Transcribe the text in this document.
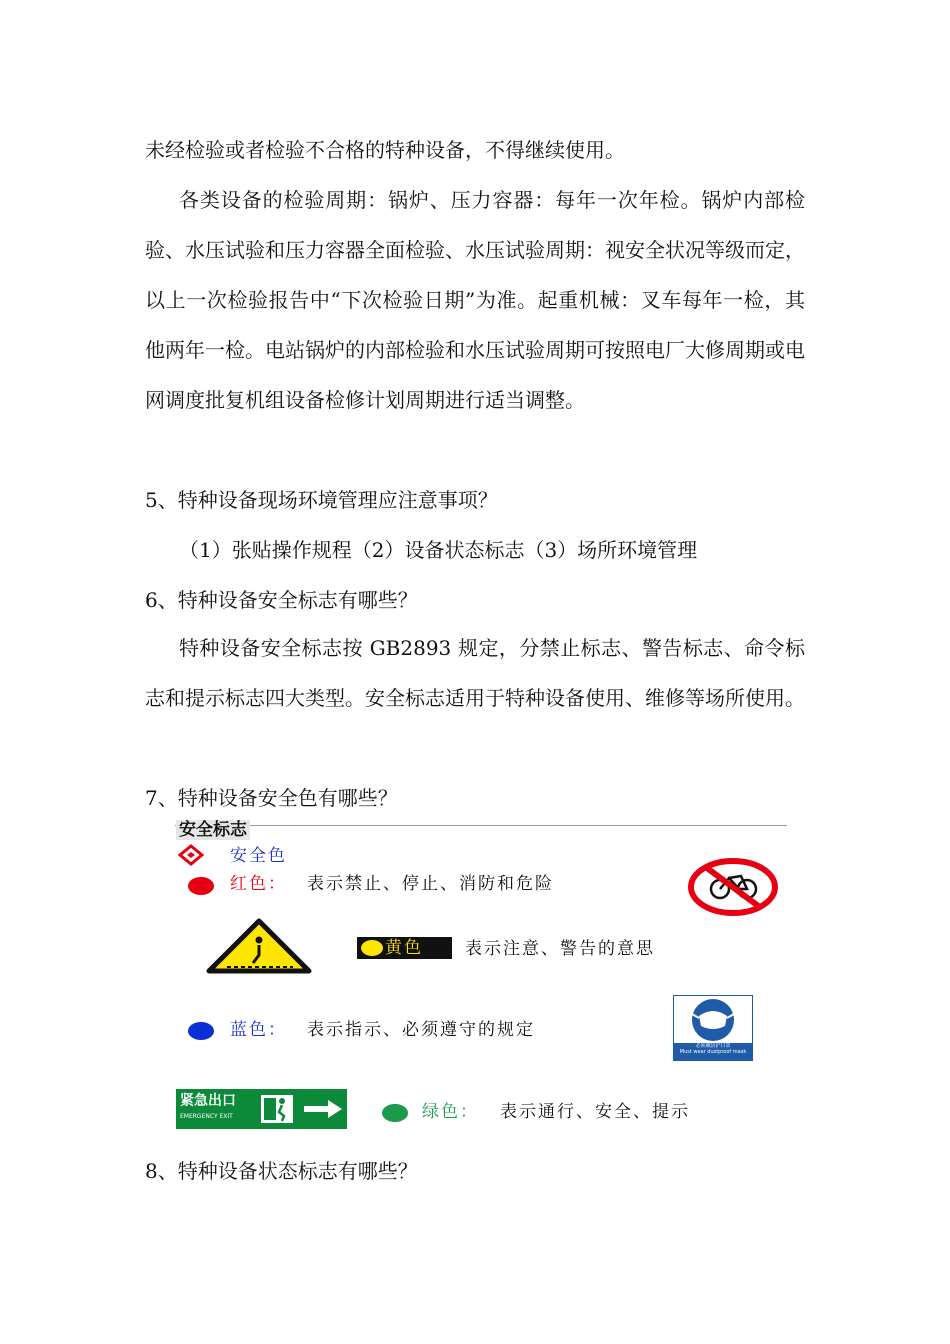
未经检验或者检验不合格的特种设备，不得继续使用。

各类设备的检验周期：锅炉、压力容器：每年一次年检。锅炉内部检验、水压试验和压力容器全面检验、水压试验周期：视安全状况等级而定，以上一次检验报告中“下次检验日期”为准。起重机械：叉车每年一检，其他两年一检。电站锅炉的内部检验和水压试验周期可按照电厂大修周期或电网调度批复机组设备检修计划周期进行适当调整。

5、特种设备现场环境管理应注意事项？
（1）张贴操作规程（2）设备状态标志（3）场所环境管理
6、特种设备安全标志有哪些？

特种设备安全标志按 GB2893 规定，分禁止标志、警告标志、命令标志和提示标志四大类型。安全标志适用于特种设备使用、维修等场所使用。

7、特种设备安全色有哪些？
安全标志
安全色
红色： 表示禁止、停止、消防和危险
黄色 表示注意、警告的意思
蓝色： 表示指示、必须遵守的规定
必须戴防护口罩
Must wear dustproof mask
紧急出口
EMERGENCY EXIT	绿色： 表示通行、安全、提示
8、特种设备状态标志有哪些？
